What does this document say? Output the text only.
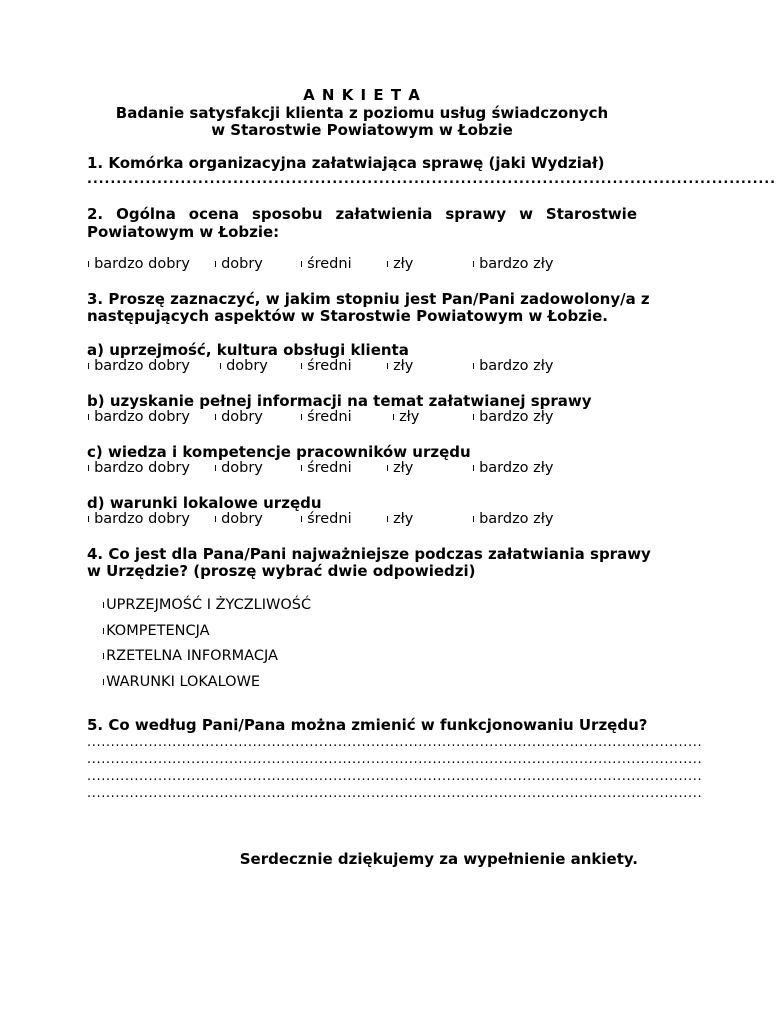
A N K I E T A
Badanie satysfakcji klienta z poziomu usług świadczonych
w Starostwie Powiatowym w Łobzie
1. Komórka organizacyjna załatwiająca sprawę (jaki Wydział)
......................................................................................................................
2. Ogólna ocena sposobu załatwienia sprawy w Starostwie
Powiatowym w Łobzie:
ı bardzo dobry ı dobry	ı średni	ı zły	ı bardzo zły
3. Proszę zaznaczyć, w jakim stopniu jest Pan/Pani zadowolony/a z
następujących aspektów w Starostwie Powiatowym w Łobzie.
a) uprzejmość, kultura obsługi klienta
ı bardzo dobry	ı dobry	ı średni	ı zły	ı bardzo zły
b) uzyskanie pełnej informacji na temat załatwianej sprawy
ı bardzo dobry ı dobry	ı średni	ı zły	ı bardzo zły
c) wiedza i kompetencje pracowników urzędu
ı bardzo dobry ı dobry	ı średni	ı zły	ı bardzo zły
d) warunki lokalowe urzędu
ı bardzo dobry ı dobry	ı średni	ı zły	ı bardzo zły
4. Co jest dla Pana/Pani najważniejsze podczas załatwiania sprawy
w Urzędzie? (proszę wybrać dwie odpowiedzi)
ıUPRZEJMOŚĆ I ŻYCZLIWOŚĆ
ıKOMPETENCJA
ıRZETELNA INFORMACJA
ıWARUNKI LOKALOWE
5. Co według Pani/Pana można zmienić w funkcjonowaniu Urzędu?
..................................................................................................................................
..................................................................................................................................
..................................................................................................................................
..................................................................................................................................
Serdecznie dziękujemy za wypełnienie ankiety.
